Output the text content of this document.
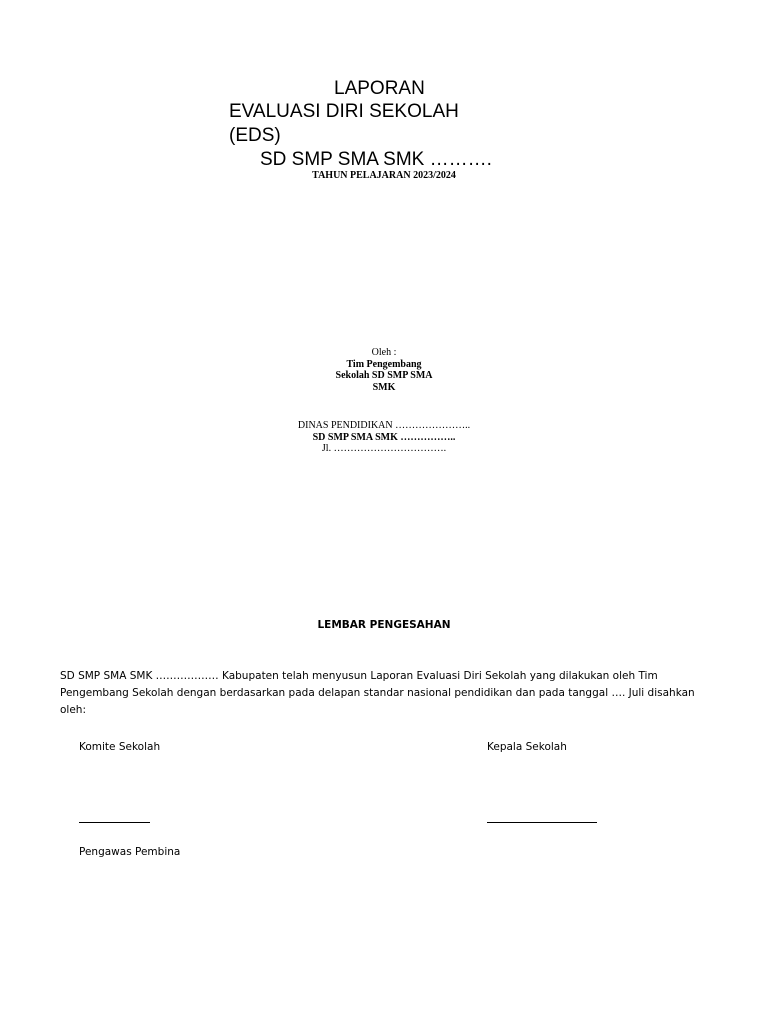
LAPORAN
EVALUASI DIRI SEKOLAH
(EDS)
SD SMP SMA SMK ……….
TAHUN PELAJARAN 2023/2024
Oleh :
Tim Pengembang
Sekolah SD SMP SMA
SMK
DINAS PENDIDIKAN …………………..
SD SMP SMA SMK ……………..
Jl. …………………………….
LEMBAR PENGESAHAN
SD SMP SMA SMK ……………… Kabupaten telah menyusun Laporan Evaluasi Diri Sekolah yang dilakukan oleh Tim Pengembang Sekolah dengan berdasarkan pada delapan standar nasional pendidikan dan pada tanggal …. Juli disahkan oleh:
Komite Sekolah	Kepala Sekolah
Pengawas Pembina
